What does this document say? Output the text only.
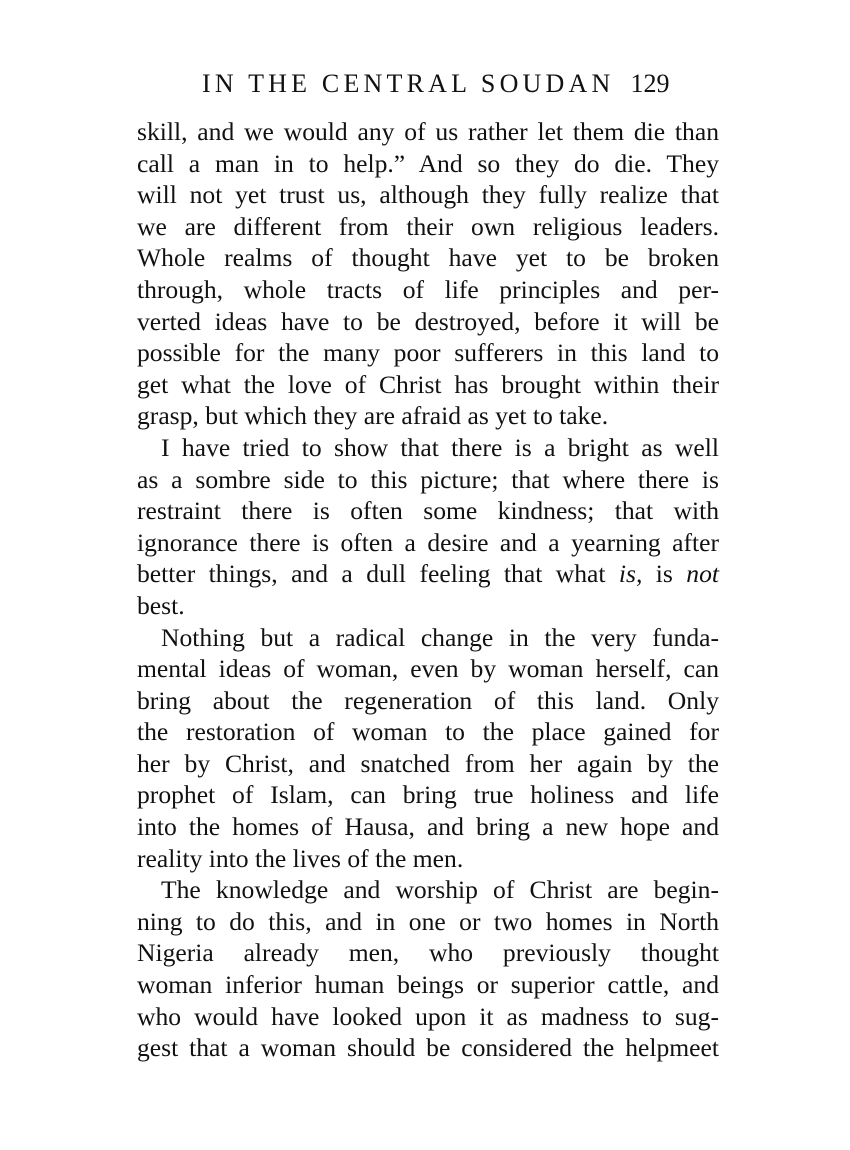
IN THE CENTRAL SOUDAN 129
skill, and we would any of us rather let them die than
call a man in to help.” And so they do die. They
will not yet trust us, although they fully realize that
we are different from their own religious leaders.
Whole realms of thought have yet to be broken
through, whole tracts of life principles and per-
verted ideas have to be destroyed, before it will be
possible for the many poor sufferers in this land to
get what the love of Christ has brought within their
grasp, but which they are afraid as yet to take.
I have tried to show that there is a bright as well
as a sombre side to this picture; that where there is
restraint there is often some kindness; that with
ignorance there is often a desire and a yearning after
better things, and a dull feeling that what is, is not
best.
Nothing but a radical change in the very funda-
mental ideas of woman, even by woman herself, can
bring about the regeneration of this land. Only
the restoration of woman to the place gained for
her by Christ, and snatched from her again by the
prophet of Islam, can bring true holiness and life
into the homes of Hausa, and bring a new hope and
reality into the lives of the men.
The knowledge and worship of Christ are begin-
ning to do this, and in one or two homes in North
Nigeria already men, who previously thought
woman inferior human beings or superior cattle, and
who would have looked upon it as madness to sug-
gest that a woman should be considered the helpmeet
